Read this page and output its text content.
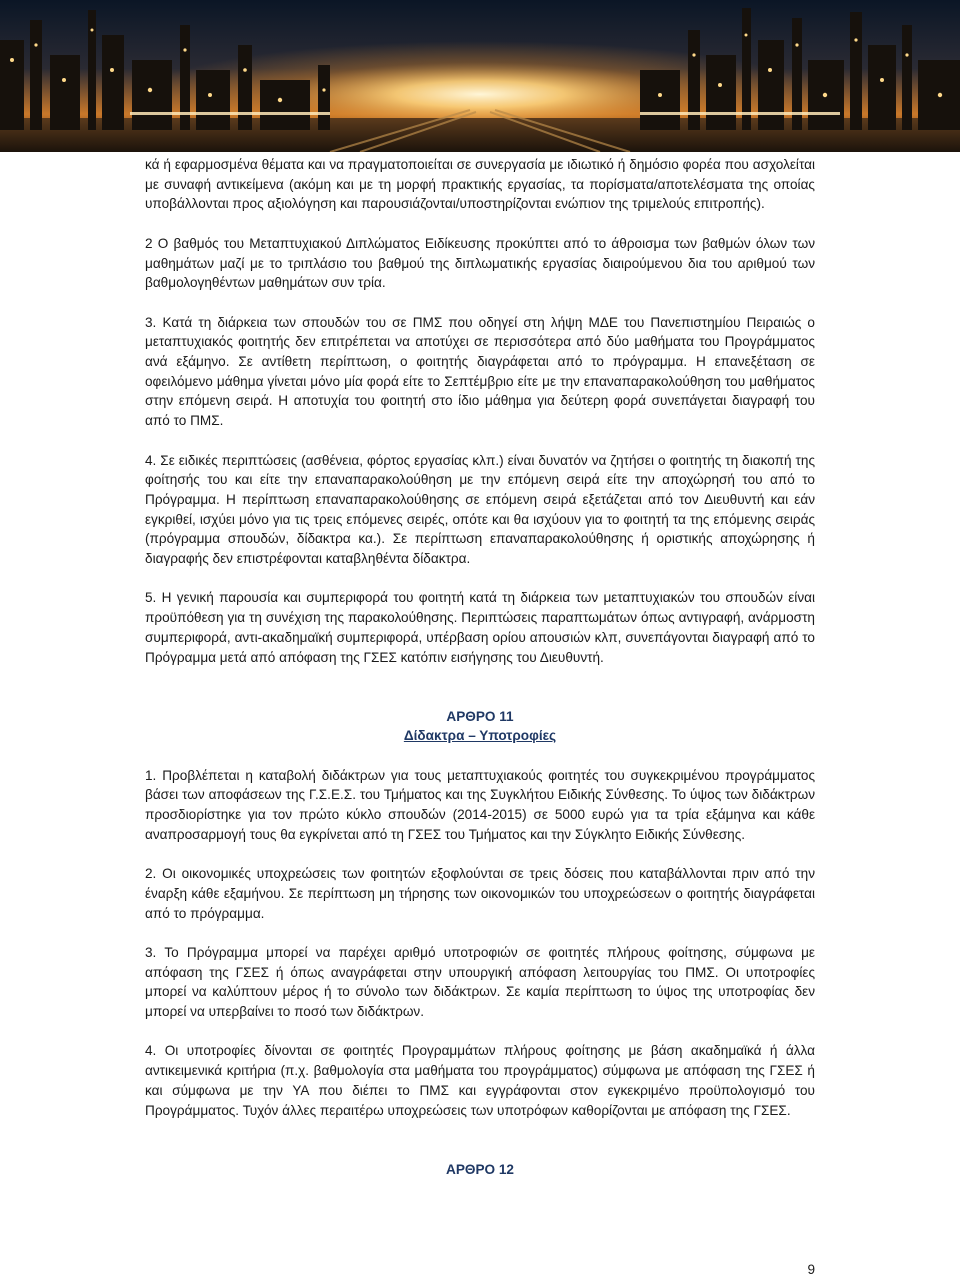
κά ή εφαρμοσμένα θέματα και να πραγματοποιείται σε συνεργασία με ιδιωτικό ή δημόσιο φορέα που ασχολείται με συναφή αντικείμενα (ακόμη και με τη μορφή πρακτικής εργασίας, τα πορίσματα/αποτελέσματα της οποίας υποβάλλονται προς αξιολόγηση και παρουσιάζονται/υποστηρίζονται ενώπιον της τριμελούς επιτροπής).

2 Ο βαθμός του Μεταπτυχιακού Διπλώματος Ειδίκευσης προκύπτει από το άθροισμα των βαθμών όλων των μαθημάτων μαζί με το τριπλάσιο του βαθμού της διπλωματικής εργασίας διαιρούμενου δια του αριθμού των βαθμολογηθέντων μαθημάτων συν τρία.

3. Κατά τη διάρκεια των σπουδών του σε ΠΜΣ που οδηγεί στη λήψη ΜΔΕ του Πανεπιστημίου Πειραιώς ο μεταπτυχιακός φοιτητής δεν επιτρέπεται να αποτύχει σε περισσότερα από δύο μαθήματα του Προγράμματος ανά εξάμηνο. Σε αντίθετη περίπτωση, ο φοιτητής διαγράφεται από το πρόγραμμα. Η επανεξέταση σε οφειλόμενο μάθημα γίνεται μόνο μία φορά είτε το Σεπτέμβριο είτε με την επαναπαρακολούθηση του μαθήματος στην επόμενη σειρά. Η αποτυχία του φοιτητή στο ίδιο μάθημα για δεύτερη φορά συνεπάγεται διαγραφή του από το ΠΜΣ.

4. Σε ειδικές περιπτώσεις (ασθένεια, φόρτος εργασίας κλπ.) είναι δυνατόν να ζητήσει ο φοιτητής τη διακοπή της φοίτησής του και είτε την επαναπαρακολούθηση με την επόμενη σειρά είτε την αποχώρησή του από το Πρόγραμμα. Η περίπτωση επαναπαρακολούθησης σε επόμενη σειρά εξετάζεται από τον Διευθυντή και εάν εγκριθεί, ισχύει μόνο για τις τρεις επόμενες σειρές, οπότε και θα ισχύουν για το φοιτητή τα της επόμενης σειράς (πρόγραμμα σπουδών, δίδακτρα κα.). Σε περίπτωση επαναπαρακολούθησης ή οριστικής αποχώρησης ή διαγραφής δεν επιστρέφονται καταβληθέντα δίδακτρα.

5. Η γενική παρουσία και συμπεριφορά του φοιτητή κατά τη διάρκεια των μεταπτυχιακών του σπουδών είναι προϋπόθεση για τη συνέχιση της παρακολούθησης. Περιπτώσεις παραπτωμάτων όπως αντιγραφή, ανάρμοστη συμπεριφορά, αντι-ακαδημαϊκή συμπεριφορά, υπέρβαση ορίου απουσιών κλπ, συνεπάγονται διαγραφή από το Πρόγραμμα μετά από απόφαση της ΓΣΕΣ κατόπιν εισήγησης του Διευθυντή.

ΑΡΘΡΟ 11
Δίδακτρα – Υποτροφίες

1. Προβλέπεται η καταβολή διδάκτρων για τους μεταπτυχιακούς φοιτητές του συγκεκριμένου προγράμματος βάσει των αποφάσεων της Γ.Σ.Ε.Σ. του Τμήματος και της Συγκλήτου Ειδικής Σύνθεσης. Το ύψος των διδάκτρων προσδιορίστηκε για τον πρώτο κύκλο σπουδών (2014-2015) σε 5000 ευρώ για τα τρία εξάμηνα και κάθε αναπροσαρμογή τους θα εγκρίνεται από τη ΓΣΕΣ του Τμήματος και την Σύγκλητο Ειδικής Σύνθεσης.

2. Οι οικονομικές υποχρεώσεις των φοιτητών εξοφλούνται σε τρεις δόσεις που καταβάλλονται πριν από την έναρξη κάθε εξαμήνου. Σε περίπτωση μη τήρησης των οικονομικών του υποχρεώσεων ο φοιτητής διαγράφεται από το πρόγραμμα.

3. Το Πρόγραμμα μπορεί να παρέχει αριθμό υποτροφιών σε φοιτητές πλήρους φοίτησης, σύμφωνα με απόφαση της ΓΣΕΣ ή όπως αναγράφεται στην υπουργική απόφαση λειτουργίας του ΠΜΣ. Οι υποτροφίες μπορεί να καλύπτουν μέρος ή το σύνολο των διδάκτρων. Σε καμία περίπτωση το ύψος της υποτροφίας δεν μπορεί να υπερβαίνει το ποσό των διδάκτρων.

4. Οι υποτροφίες δίνονται σε φοιτητές Προγραμμάτων πλήρους φοίτησης με βάση ακαδημαϊκά ή άλλα αντικειμενικά κριτήρια (π.χ. βαθμολογία στα μαθήματα του προγράμματος) σύμφωνα με απόφαση της ΓΣΕΣ ή και σύμφωνα με την ΥΑ που διέπει το ΠΜΣ και εγγράφονται στον εγκεκριμένο προϋπολογισμό του Προγράμματος. Τυχόν άλλες περαιτέρω υποχρεώσεις των υποτρόφων καθορίζονται με απόφαση της ΓΣΕΣ.

ΑΡΘΡΟ 12
9
